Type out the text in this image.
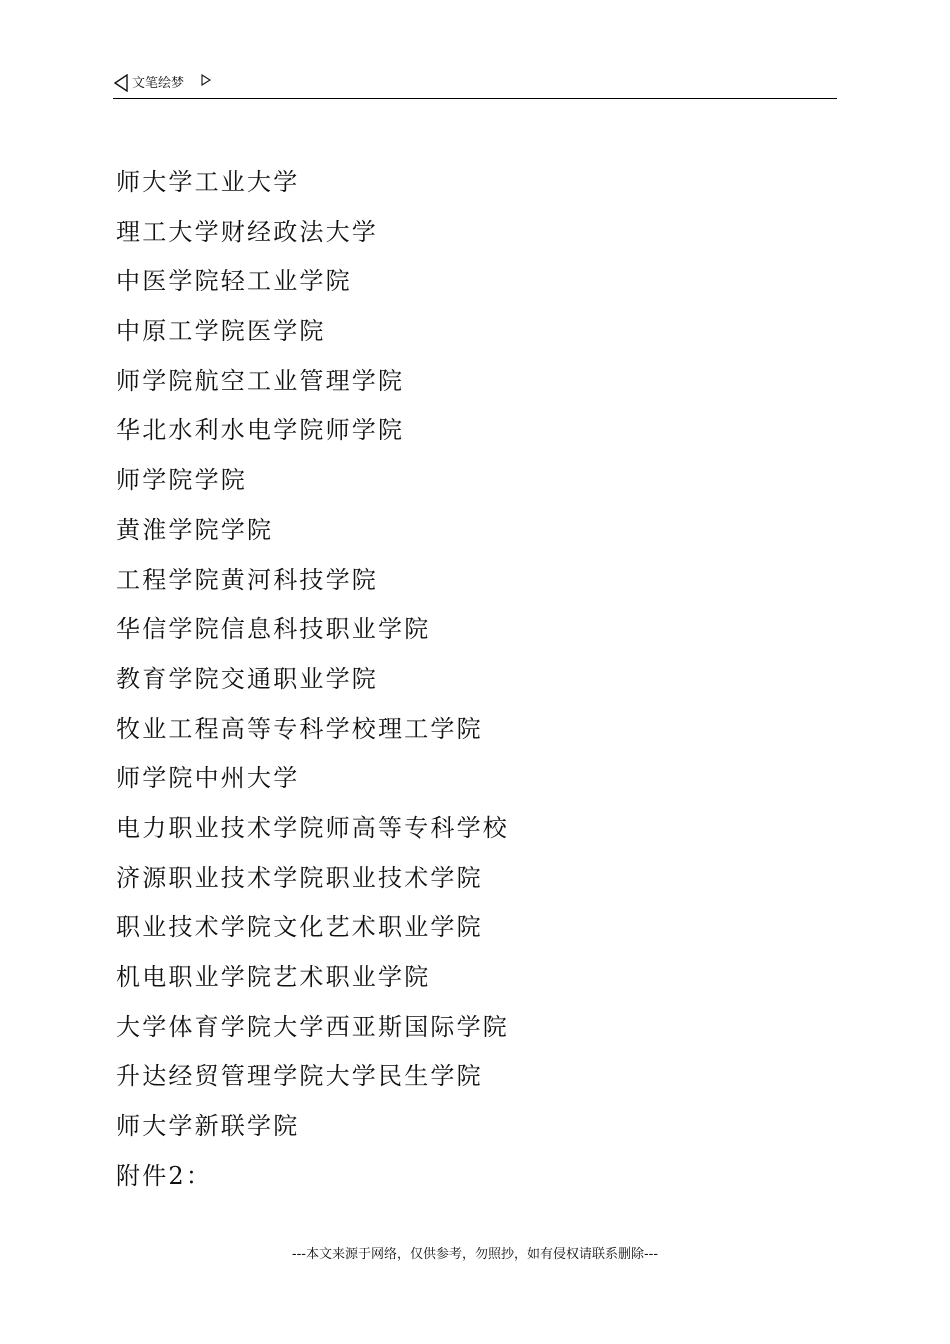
文笔绘梦
师大学工业大学
理工大学财经政法大学
中医学院轻工业学院
中原工学院医学院
师学院航空工业管理学院
华北水利水电学院师学院
师学院学院
黄淮学院学院
工程学院黄河科技学院
华信学院信息科技职业学院
教育学院交通职业学院
牧业工程高等专科学校理工学院
师学院中州大学
电力职业技术学院师高等专科学校
济源职业技术学院职业技术学院
职业技术学院文化艺术职业学院
机电职业学院艺术职业学院
大学体育学院大学西亚斯国际学院
升达经贸管理学院大学民生学院
师大学新联学院
附件2：
---本文来源于网络，仅供参考，勿照抄，如有侵权请联系删除---
